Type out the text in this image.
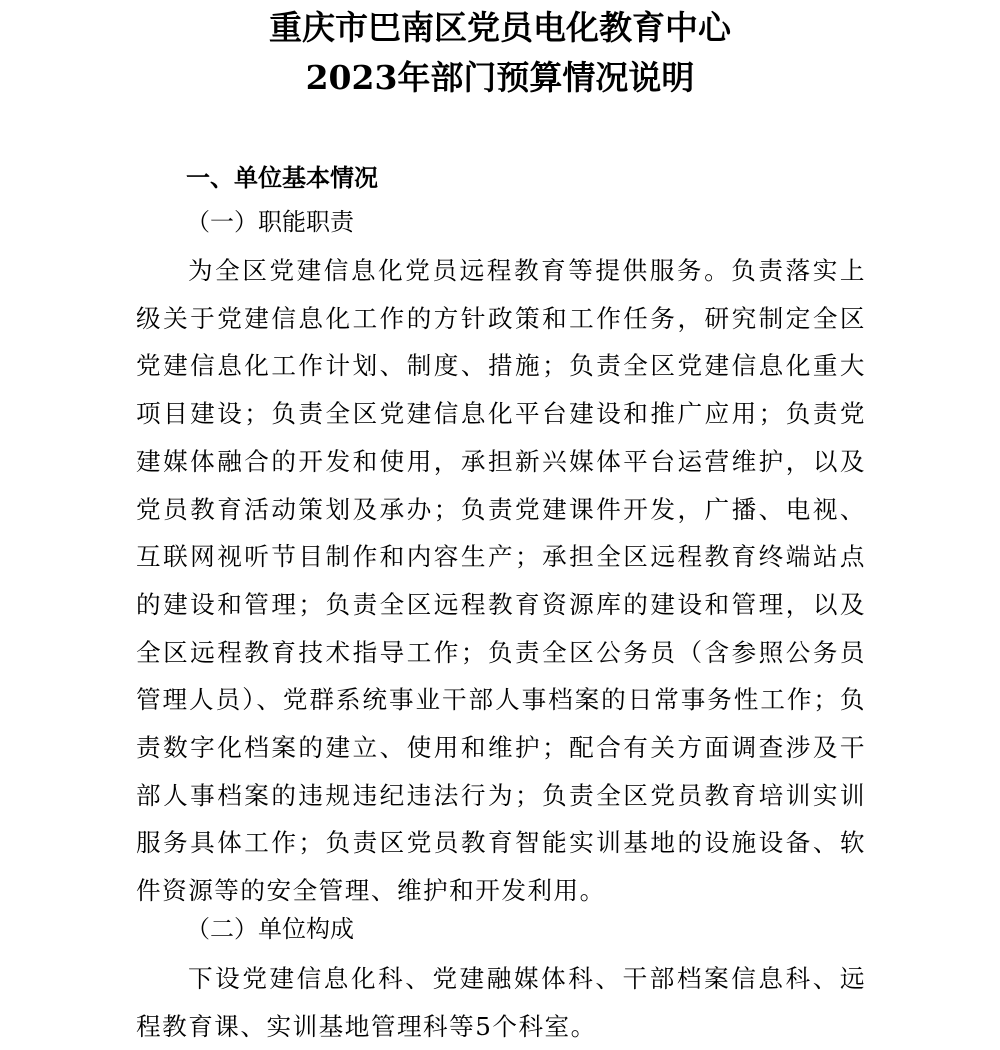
重庆市巴南区党员电化教育中心
2023年部门预算情况说明
一、单位基本情况
（一）职能职责

为全区党建信息化党员远程教育等提供服务。负责落实上级关于党建信息化工作的方针政策和工作任务，研究制定全区党建信息化工作计划、制度、措施；负责全区党建信息化重大项目建设；负责全区党建信息化平台建设和推广应用；负责党建媒体融合的开发和使用，承担新兴媒体平台运营维护，以及党员教育活动策划及承办；负责党建课件开发，广播、电视、互联网视听节目制作和内容生产；承担全区远程教育终端站点的建设和管理；负责全区远程教育资源库的建设和管理，以及全区远程教育技术指导工作；负责全区公务员（含参照公务员管理人员）、党群系统事业干部人事档案的日常事务性工作；负责数字化档案的建立、使用和维护；配合有关方面调查涉及干部人事档案的违规违纪违法行为；负责全区党员教育培训实训服务具体工作；负责区党员教育智能实训基地的设施设备、软件资源等的安全管理、维护和开发利用。

（二）单位构成

下设党建信息化科、党建融媒体科、干部档案信息科、远程教育课、实训基地管理科等5个科室。
